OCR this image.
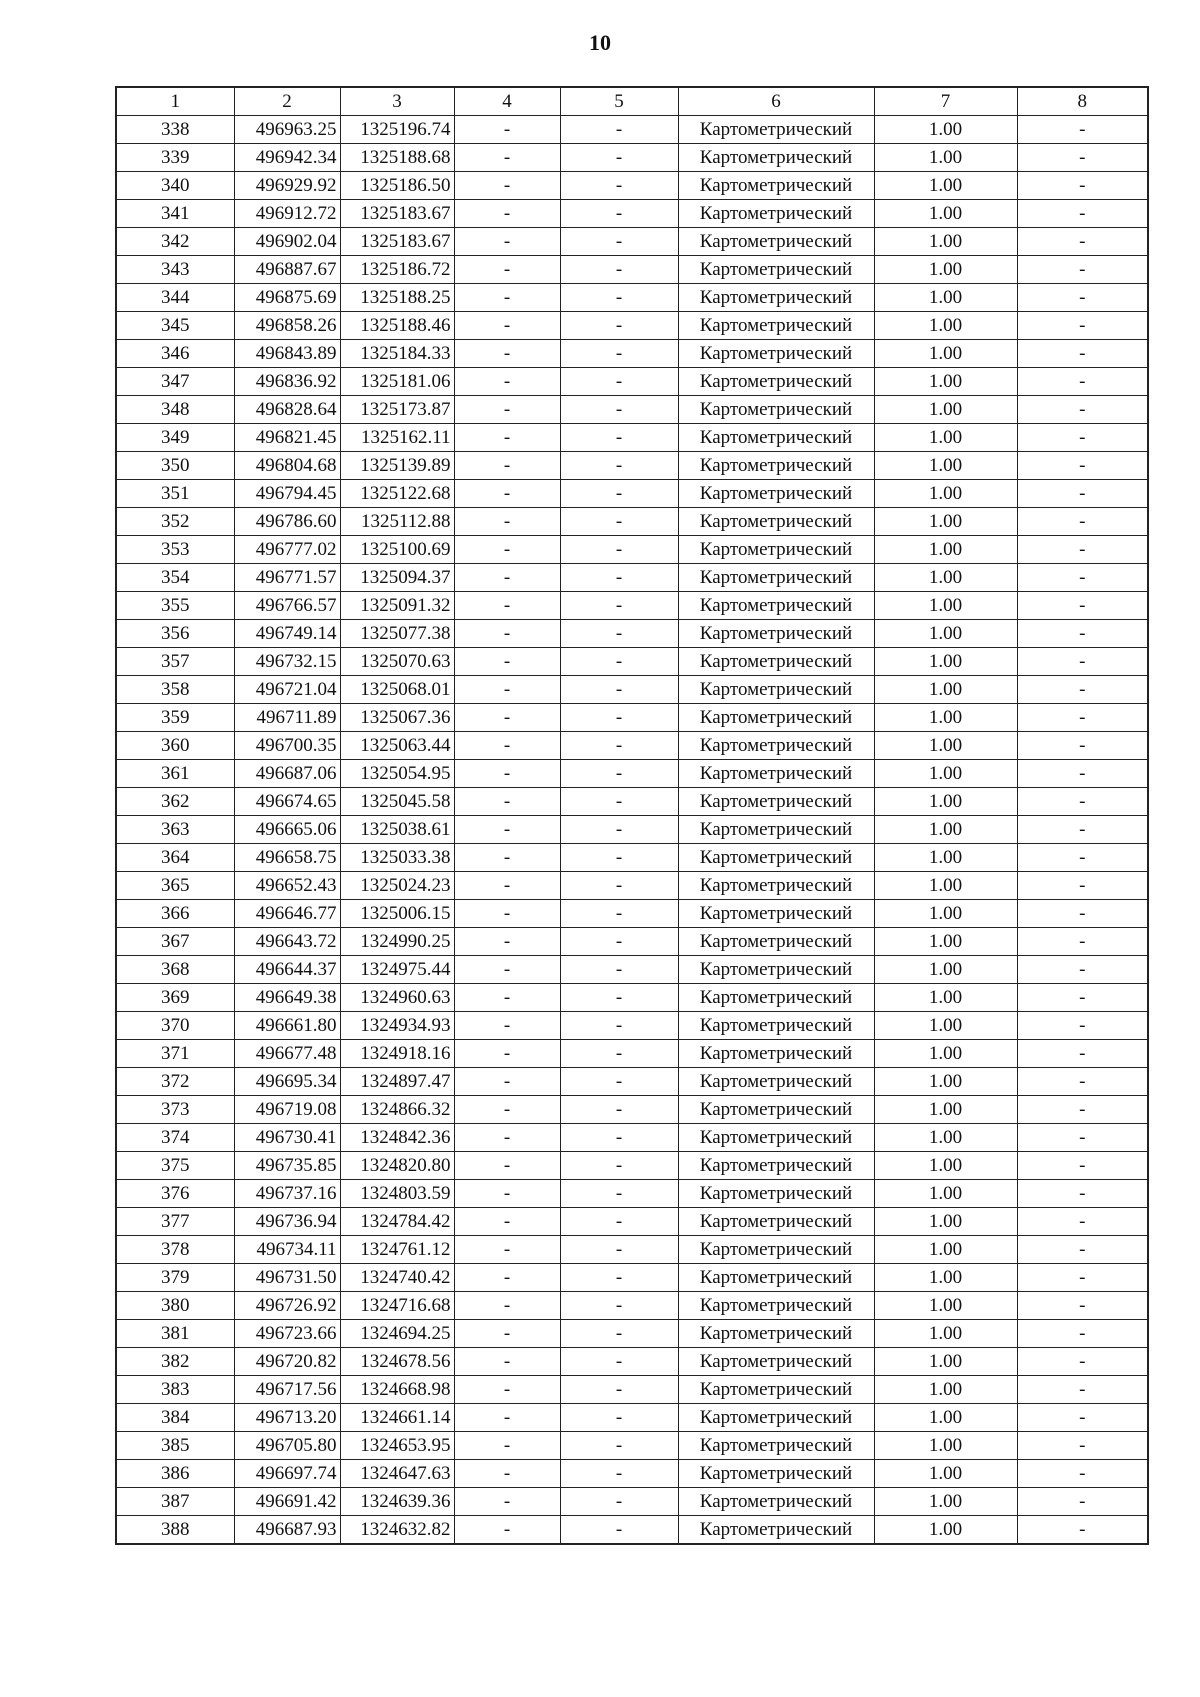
10
1	2	3	4	5	6	7	8
338	496963.25	1325196.74	-	-	Картометрический	1.00	-
339	496942.34	1325188.68	-	-	Картометрический	1.00	-
340	496929.92	1325186.50	-	-	Картометрический	1.00	-
341	496912.72	1325183.67	-	-	Картометрический	1.00	-
342	496902.04	1325183.67	-	-	Картометрический	1.00	-
343	496887.67	1325186.72	-	-	Картометрический	1.00	-
344	496875.69	1325188.25	-	-	Картометрический	1.00	-
345	496858.26	1325188.46	-	-	Картометрический	1.00	-
346	496843.89	1325184.33	-	-	Картометрический	1.00	-
347	496836.92	1325181.06	-	-	Картометрический	1.00	-
348	496828.64	1325173.87	-	-	Картометрический	1.00	-
349	496821.45	1325162.11	-	-	Картометрический	1.00	-
350	496804.68	1325139.89	-	-	Картометрический	1.00	-
351	496794.45	1325122.68	-	-	Картометрический	1.00	-
352	496786.60	1325112.88	-	-	Картометрический	1.00	-
353	496777.02	1325100.69	-	-	Картометрический	1.00	-
354	496771.57	1325094.37	-	-	Картометрический	1.00	-
355	496766.57	1325091.32	-	-	Картометрический	1.00	-
356	496749.14	1325077.38	-	-	Картометрический	1.00	-
357	496732.15	1325070.63	-	-	Картометрический	1.00	-
358	496721.04	1325068.01	-	-	Картометрический	1.00	-
359	496711.89	1325067.36	-	-	Картометрический	1.00	-
360	496700.35	1325063.44	-	-	Картометрический	1.00	-
361	496687.06	1325054.95	-	-	Картометрический	1.00	-
362	496674.65	1325045.58	-	-	Картометрический	1.00	-
363	496665.06	1325038.61	-	-	Картометрический	1.00	-
364	496658.75	1325033.38	-	-	Картометрический	1.00	-
365	496652.43	1325024.23	-	-	Картометрический	1.00	-
366	496646.77	1325006.15	-	-	Картометрический	1.00	-
367	496643.72	1324990.25	-	-	Картометрический	1.00	-
368	496644.37	1324975.44	-	-	Картометрический	1.00	-
369	496649.38	1324960.63	-	-	Картометрический	1.00	-
370	496661.80	1324934.93	-	-	Картометрический	1.00	-
371	496677.48	1324918.16	-	-	Картометрический	1.00	-
372	496695.34	1324897.47	-	-	Картометрический	1.00	-
373	496719.08	1324866.32	-	-	Картометрический	1.00	-
374	496730.41	1324842.36	-	-	Картометрический	1.00	-
375	496735.85	1324820.80	-	-	Картометрический	1.00	-
376	496737.16	1324803.59	-	-	Картометрический	1.00	-
377	496736.94	1324784.42	-	-	Картометрический	1.00	-
378	496734.11	1324761.12	-	-	Картометрический	1.00	-
379	496731.50	1324740.42	-	-	Картометрический	1.00	-
380	496726.92	1324716.68	-	-	Картометрический	1.00	-
381	496723.66	1324694.25	-	-	Картометрический	1.00	-
382	496720.82	1324678.56	-	-	Картометрический	1.00	-
383	496717.56	1324668.98	-	-	Картометрический	1.00	-
384	496713.20	1324661.14	-	-	Картометрический	1.00	-
385	496705.80	1324653.95	-	-	Картометрический	1.00	-
386	496697.74	1324647.63	-	-	Картометрический	1.00	-
387	496691.42	1324639.36	-	-	Картометрический	1.00	-
388	496687.93	1324632.82	-	-	Картометрический	1.00	-
